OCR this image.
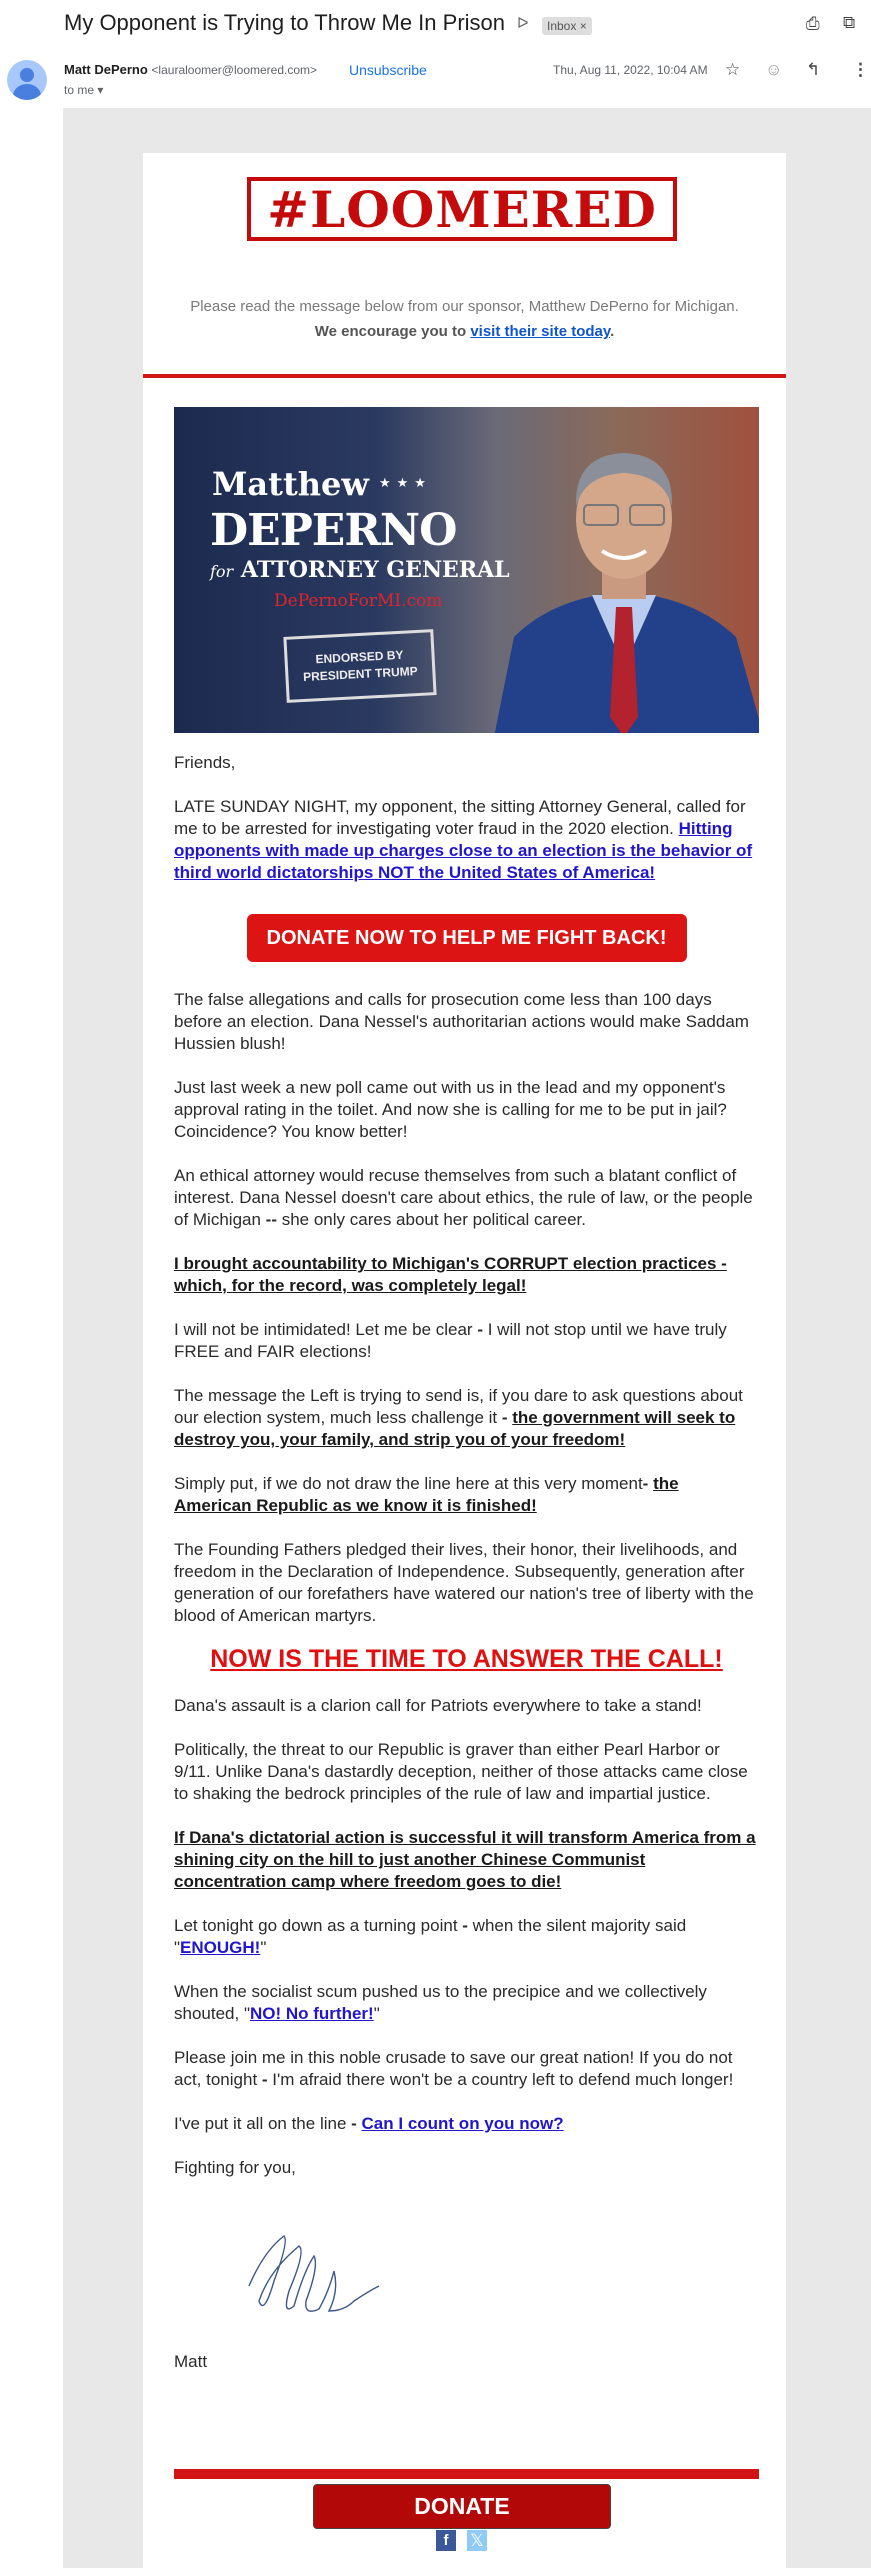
My Opponent is Trying to Throw Me In Prison ᐅ	Inbox ×	⎙ ⧉
Matt DePerno <lauraloomer@loomered.com> Unsubscribe	Thu, Aug 11, 2022, 10:04 AM ☆ ☺ ↰ ⋮
to me ▾
#LOOMERED
Please read the message below from our sponsor, Matthew DePerno for Michigan.
We encourage you to visit their site today.
Matthew ★★★
DEPERNO
for ATTORNEY GENERAL
DePernoForMI.com
ENDORSED BY
PRESIDENT TRUMP

Friends,

LATE SUNDAY NIGHT, my opponent, the sitting Attorney General, called for me to be arrested for investigating voter fraud in the 2020 election. Hitting opponents with made up charges close to an election is the behavior of third world dictatorships NOT the United States of America!

DONATE NOW TO HELP ME FIGHT BACK!

The false allegations and calls for prosecution come less than 100 days before an election. Dana Nessel's authoritarian actions would make Saddam Hussien blush!

Just last week a new poll came out with us in the lead and my opponent's approval rating in the toilet. And now she is calling for me to be put in jail? Coincidence? You know better!

An ethical attorney would recuse themselves from such a blatant conflict of interest. Dana Nessel doesn't care about ethics, the rule of law, or the people of Michigan -- she only cares about her political career.

I brought accountability to Michigan's CORRUPT election practices - which, for the record, was completely legal!

I will not be intimidated! Let me be clear - I will not stop until we have truly FREE and FAIR elections!

The message the Left is trying to send is, if you dare to ask questions about our election system, much less challenge it - the government will seek to destroy you, your family, and strip you of your freedom!

Simply put, if we do not draw the line here at this very moment- the American Republic as we know it is finished!

The Founding Fathers pledged their lives, their honor, their livelihoods, and freedom in the Declaration of Independence. Subsequently, generation after generation of our forefathers have watered our nation's tree of liberty with the blood of American martyrs.

NOW IS THE TIME TO ANSWER THE CALL!

Dana's assault is a clarion call for Patriots everywhere to take a stand!

Politically, the threat to our Republic is graver than either Pearl Harbor or 9/11. Unlike Dana's dastardly deception, neither of those attacks came close to shaking the bedrock principles of the rule of law and impartial justice.

If Dana's dictatorial action is successful it will transform America from a shining city on the hill to just another Chinese Communist concentration camp where freedom goes to die!

Let tonight go down as a turning point - when the silent majority said "ENOUGH!"

When the socialist scum pushed us to the precipice and we collectively shouted, "NO! No further!"

Please join me in this noble crusade to save our great nation! If you do not act, tonight - I'm afraid there won't be a country left to defend much longer!

I've put it all on the line - Can I count on you now?

Fighting for you,

Matt

DONATE
f	𝕏
